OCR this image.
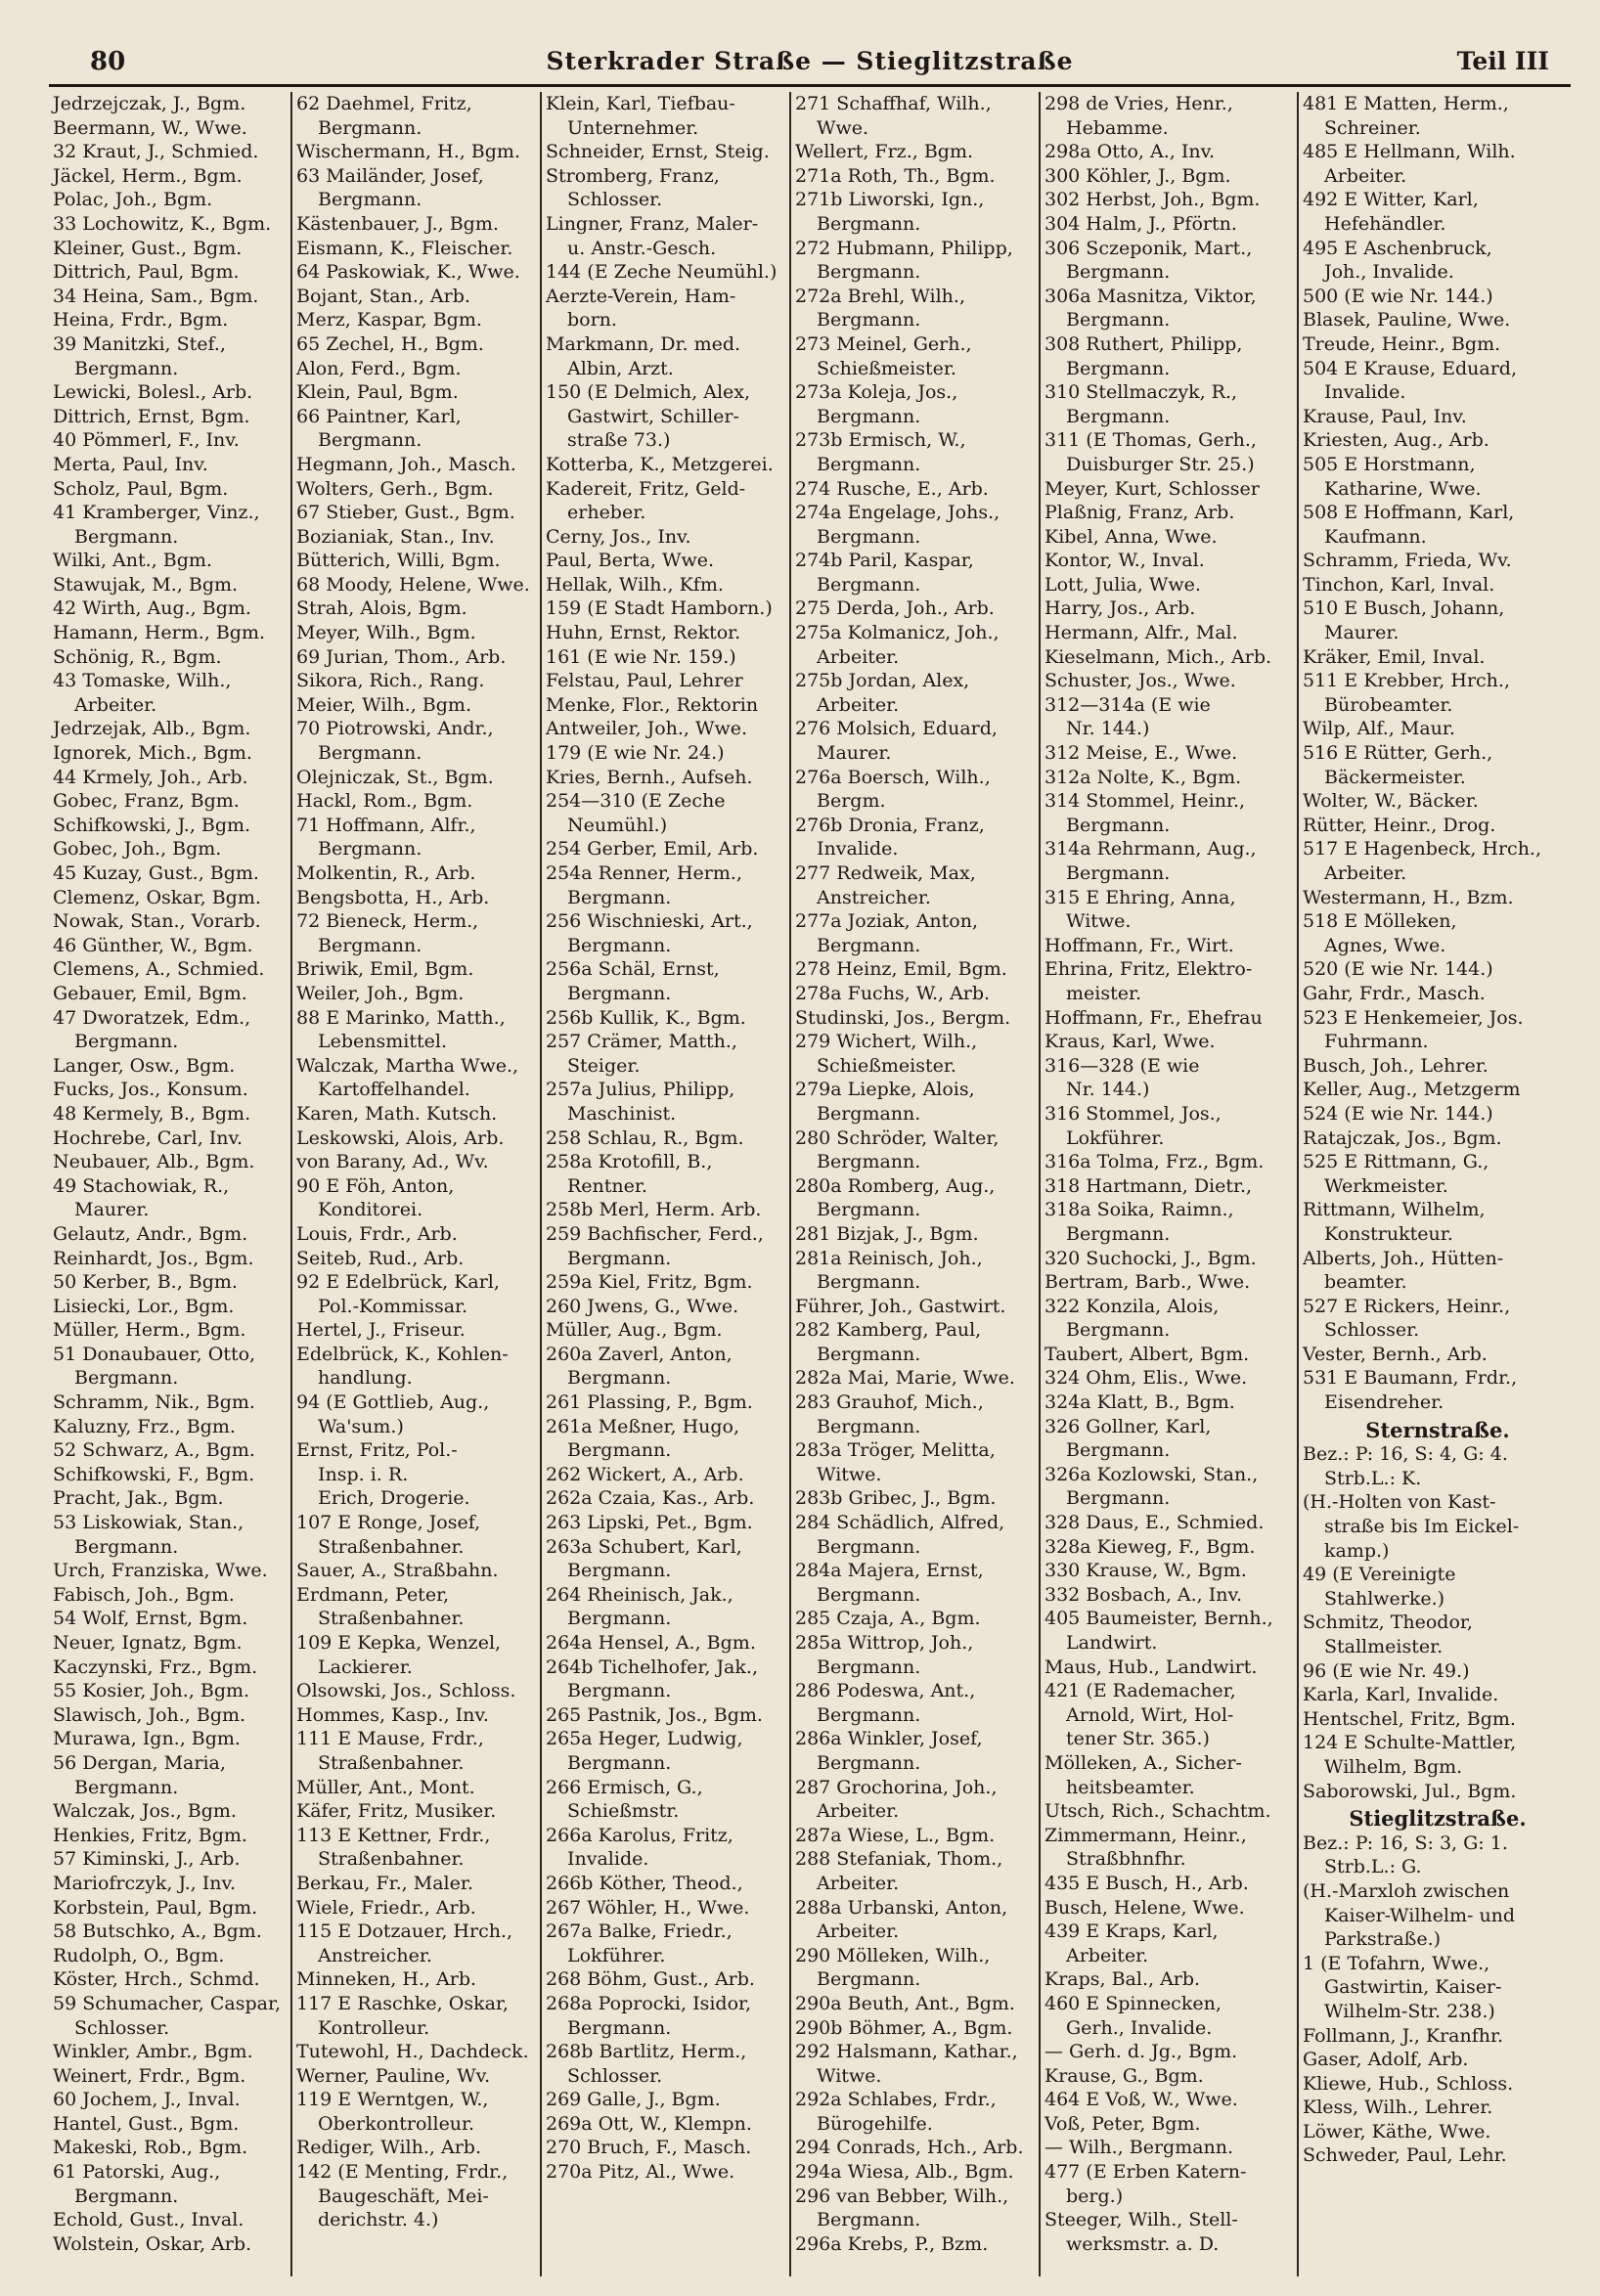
80	Sterkrader Straße — Stieglitzstraße	Teil III
Jedrzejczak, J., Bgm.
Beermann, W., Wwe.
32 Kraut, J., Schmied.
Jäckel, Herm., Bgm.
Polac, Joh., Bgm.
33 Lochowitz, K., Bgm.
Kleiner, Gust., Bgm.
Dittrich, Paul, Bgm.
34 Heina, Sam., Bgm.
Heina, Frdr., Bgm.
39 Manitzki, Stef.,
Bergmann.
Lewicki, Bolesl., Arb.
Dittrich, Ernst, Bgm.
40 Pömmerl, F., Inv.
Merta, Paul, Inv.
Scholz, Paul, Bgm.
41 Kramberger, Vinz.,
Bergmann.
Wilki, Ant., Bgm.
Stawujak, M., Bgm.
42 Wirth, Aug., Bgm.
Hamann, Herm., Bgm.
Schönig, R., Bgm.
43 Tomaske, Wilh.,
Arbeiter.
Jedrzejak, Alb., Bgm.
Ignorek, Mich., Bgm.
44 Krmely, Joh., Arb.
Gobec, Franz, Bgm.
Schifkowski, J., Bgm.
Gobec, Joh., Bgm.
45 Kuzay, Gust., Bgm.
Clemenz, Oskar, Bgm.
Nowak, Stan., Vorarb.
46 Günther, W., Bgm.
Clemens, A., Schmied.
Gebauer, Emil, Bgm.
47 Dworatzek, Edm.,
Bergmann.
Langer, Osw., Bgm.
Fucks, Jos., Konsum.
48 Kermely, B., Bgm.
Hochrebe, Carl, Inv.
Neubauer, Alb., Bgm.
49 Stachowiak, R.,
Maurer.
Gelautz, Andr., Bgm.
Reinhardt, Jos., Bgm.
50 Kerber, B., Bgm.
Lisiecki, Lor., Bgm.
Müller, Herm., Bgm.
51 Donaubauer, Otto,
Bergmann.
Schramm, Nik., Bgm.
Kaluzny, Frz., Bgm.
52 Schwarz, A., Bgm.
Schifkowski, F., Bgm.
Pracht, Jak., Bgm.
53 Liskowiak, Stan.,
Bergmann.
Urch, Franziska, Wwe.
Fabisch, Joh., Bgm.
54 Wolf, Ernst, Bgm.
Neuer, Ignatz, Bgm.
Kaczynski, Frz., Bgm.
55 Kosier, Joh., Bgm.
Slawisch, Joh., Bgm.
Murawa, Ign., Bgm.
56 Dergan, Maria,
Bergmann.
Walczak, Jos., Bgm.
Henkies, Fritz, Bgm.
57 Kiminski, J., Arb.
Mariofrczyk, J., Inv.
Korbstein, Paul, Bgm.
58 Butschko, A., Bgm.
Rudolph, O., Bgm.
Köster, Hrch., Schmd.
59 Schumacher, Caspar,
Schlosser.
Winkler, Ambr., Bgm.
Weinert, Frdr., Bgm.
60 Jochem, J., Inval.
Hantel, Gust., Bgm.
Makeski, Rob., Bgm.
61 Patorski, Aug.,
Bergmann.
Echold, Gust., Inval.
Wolstein, Oskar, Arb.
62 Daehmel, Fritz,
Bergmann.
Wischermann, H., Bgm.
63 Mailänder, Josef,
Bergmann.
Kästenbauer, J., Bgm.
Eismann, K., Fleischer.
64 Paskowiak, K., Wwe.
Bojant, Stan., Arb.
Merz, Kaspar, Bgm.
65 Zechel, H., Bgm.
Alon, Ferd., Bgm.
Klein, Paul, Bgm.
66 Paintner, Karl,
Bergmann.
Hegmann, Joh., Masch.
Wolters, Gerh., Bgm.
67 Stieber, Gust., Bgm.
Bozianiak, Stan., Inv.
Bütterich, Willi, Bgm.
68 Moody, Helene, Wwe.
Strah, Alois, Bgm.
Meyer, Wilh., Bgm.
69 Jurian, Thom., Arb.
Sikora, Rich., Rang.
Meier, Wilh., Bgm.
70 Piotrowski, Andr.,
Bergmann.
Olejniczak, St., Bgm.
Hackl, Rom., Bgm.
71 Hoffmann, Alfr.,
Bergmann.
Molkentin, R., Arb.
Bengsbotta, H., Arb.
72 Bieneck, Herm.,
Bergmann.
Briwik, Emil, Bgm.
Weiler, Joh., Bgm.
88 E Marinko, Matth.,
Lebensmittel.
Walczak, Martha Wwe.,
Kartoffelhandel.
Karen, Math. Kutsch.
Leskowski, Alois, Arb.
von Barany, Ad., Wv.
90 E Föh, Anton,
Konditorei.
Louis, Frdr., Arb.
Seiteb, Rud., Arb.
92 E Edelbrück, Karl,
Pol.-Kommissar.
Hertel, J., Friseur.
Edelbrück, K., Kohlen-
handlung.
94 (E Gottlieb, Aug.,
Wa'sum.)
Ernst, Fritz, Pol.-
Insp. i. R.
Erich, Drogerie.
107 E Ronge, Josef,
Straßenbahner.
Sauer, A., Straßbahn.
Erdmann, Peter,
Straßenbahner.
109 E Kepka, Wenzel,
Lackierer.
Olsowski, Jos., Schloss.
Hommes, Kasp., Inv.
111 E Mause, Frdr.,
Straßenbahner.
Müller, Ant., Mont.
Käfer, Fritz, Musiker.
113 E Kettner, Frdr.,
Straßenbahner.
Berkau, Fr., Maler.
Wiele, Friedr., Arb.
115 E Dotzauer, Hrch.,
Anstreicher.
Minneken, H., Arb.
117 E Raschke, Oskar,
Kontrolleur.
Tutewohl, H., Dachdeck.
Werner, Pauline, Wv.
119 E Werntgen, W.,
Oberkontrolleur.
Rediger, Wilh., Arb.
142 (E Menting, Frdr.,
Baugeschäft, Mei-
derichstr. 4.)
Klein, Karl, Tiefbau-
Unternehmer.
Schneider, Ernst, Steig.
Stromberg, Franz,
Schlosser.
Lingner, Franz, Maler-
u. Anstr.-Gesch.
144 (E Zeche Neumühl.)
Aerzte-Verein, Ham-
born.
Markmann, Dr. med.
Albin, Arzt.
150 (E Delmich, Alex,
Gastwirt, Schiller-
straße 73.)
Kotterba, K., Metzgerei.
Kadereit, Fritz, Geld-
erheber.
Cerny, Jos., Inv.
Paul, Berta, Wwe.
Hellak, Wilh., Kfm.
159 (E Stadt Hamborn.)
Huhn, Ernst, Rektor.
161 (E wie Nr. 159.)
Felstau, Paul, Lehrer
Menke, Flor., Rektorin
Antweiler, Joh., Wwe.
179 (E wie Nr. 24.)
Kries, Bernh., Aufseh.
254—310 (E Zeche
Neumühl.)
254 Gerber, Emil, Arb.
254a Renner, Herm.,
Bergmann.
256 Wischnieski, Art.,
Bergmann.
256a Schäl, Ernst,
Bergmann.
256b Kullik, K., Bgm.
257 Crämer, Matth.,
Steiger.
257a Julius, Philipp,
Maschinist.
258 Schlau, R., Bgm.
258a Krotofill, B.,
Rentner.
258b Merl, Herm. Arb.
259 Bachfischer, Ferd.,
Bergmann.
259a Kiel, Fritz, Bgm.
260 Jwens, G., Wwe.
Müller, Aug., Bgm.
260a Zaverl, Anton,
Bergmann.
261 Plassing, P., Bgm.
261a Meßner, Hugo,
Bergmann.
262 Wickert, A., Arb.
262a Czaia, Kas., Arb.
263 Lipski, Pet., Bgm.
263a Schubert, Karl,
Bergmann.
264 Rheinisch, Jak.,
Bergmann.
264a Hensel, A., Bgm.
264b Tichelhofer, Jak.,
Bergmann.
265 Pastnik, Jos., Bgm.
265a Heger, Ludwig,
Bergmann.
266 Ermisch, G.,
Schießmstr.
266a Karolus, Fritz,
Invalide.
266b Köther, Theod.,
267 Wöhler, H., Wwe.
267a Balke, Friedr.,
Lokführer.
268 Böhm, Gust., Arb.
268a Poprocki, Isidor,
Bergmann.
268b Bartlitz, Herm.,
Schlosser.
269 Galle, J., Bgm.
269a Ott, W., Klempn.
270 Bruch, F., Masch.
270a Pitz, Al., Wwe.
271 Schaffhaf, Wilh.,
Wwe.
Wellert, Frz., Bgm.
271a Roth, Th., Bgm.
271b Liworski, Ign.,
Bergmann.
272 Hubmann, Philipp,
Bergmann.
272a Brehl, Wilh.,
Bergmann.
273 Meinel, Gerh.,
Schießmeister.
273a Koleja, Jos.,
Bergmann.
273b Ermisch, W.,
Bergmann.
274 Rusche, E., Arb.
274a Engelage, Johs.,
Bergmann.
274b Paril, Kaspar,
Bergmann.
275 Derda, Joh., Arb.
275a Kolmanicz, Joh.,
Arbeiter.
275b Jordan, Alex,
Arbeiter.
276 Molsich, Eduard,
Maurer.
276a Boersch, Wilh.,
Bergm.
276b Dronia, Franz,
Invalide.
277 Redweik, Max,
Anstreicher.
277a Joziak, Anton,
Bergmann.
278 Heinz, Emil, Bgm.
278a Fuchs, W., Arb.
Studinski, Jos., Bergm.
279 Wichert, Wilh.,
Schießmeister.
279a Liepke, Alois,
Bergmann.
280 Schröder, Walter,
Bergmann.
280a Romberg, Aug.,
Bergmann.
281 Bizjak, J., Bgm.
281a Reinisch, Joh.,
Bergmann.
Führer, Joh., Gastwirt.
282 Kamberg, Paul,
Bergmann.
282a Mai, Marie, Wwe.
283 Grauhof, Mich.,
Bergmann.
283a Tröger, Melitta,
Witwe.
283b Gribec, J., Bgm.
284 Schädlich, Alfred,
Bergmann.
284a Majera, Ernst,
Bergmann.
285 Czaja, A., Bgm.
285a Wittrop, Joh.,
Bergmann.
286 Podeswa, Ant.,
Bergmann.
286a Winkler, Josef,
Bergmann.
287 Grochorina, Joh.,
Arbeiter.
287a Wiese, L., Bgm.
288 Stefaniak, Thom.,
Arbeiter.
288a Urbanski, Anton,
Arbeiter.
290 Mölleken, Wilh.,
Bergmann.
290a Beuth, Ant., Bgm.
290b Böhmer, A., Bgm.
292 Halsmann, Kathar.,
Witwe.
292a Schlabes, Frdr.,
Bürogehilfe.
294 Conrads, Hch., Arb.
294a Wiesa, Alb., Bgm.
296 van Bebber, Wilh.,
Bergmann.
296a Krebs, P., Bzm.
298 de Vries, Henr.,
Hebamme.
298a Otto, A., Inv.
300 Köhler, J., Bgm.
302 Herbst, Joh., Bgm.
304 Halm, J., Pförtn.
306 Sczeponik, Mart.,
Bergmann.
306a Masnitza, Viktor,
Bergmann.
308 Ruthert, Philipp,
Bergmann.
310 Stellmaczyk, R.,
Bergmann.
311 (E Thomas, Gerh.,
Duisburger Str. 25.)
Meyer, Kurt, Schlosser
Plaßnig, Franz, Arb.
Kibel, Anna, Wwe.
Kontor, W., Inval.
Lott, Julia, Wwe.
Harry, Jos., Arb.
Hermann, Alfr., Mal.
Kieselmann, Mich., Arb.
Schuster, Jos., Wwe.
312—314a (E wie
Nr. 144.)
312 Meise, E., Wwe.
312a Nolte, K., Bgm.
314 Stommel, Heinr.,
Bergmann.
314a Rehrmann, Aug.,
Bergmann.
315 E Ehring, Anna,
Witwe.
Hoffmann, Fr., Wirt.
Ehrina, Fritz, Elektro-
meister.
Hoffmann, Fr., Ehefrau
Kraus, Karl, Wwe.
316—328 (E wie
Nr. 144.)
316 Stommel, Jos.,
Lokführer.
316a Tolma, Frz., Bgm.
318 Hartmann, Dietr.,
318a Soika, Raimn.,
Bergmann.
320 Suchocki, J., Bgm.
Bertram, Barb., Wwe.
322 Konzila, Alois,
Bergmann.
Taubert, Albert, Bgm.
324 Ohm, Elis., Wwe.
324a Klatt, B., Bgm.
326 Gollner, Karl,
Bergmann.
326a Kozlowski, Stan.,
Bergmann.
328 Daus, E., Schmied.
328a Kieweg, F., Bgm.
330 Krause, W., Bgm.
332 Bosbach, A., Inv.
405 Baumeister, Bernh.,
Landwirt.
Maus, Hub., Landwirt.
421 (E Rademacher,
Arnold, Wirt, Hol-
tener Str. 365.)
Mölleken, A., Sicher-
heitsbeamter.
Utsch, Rich., Schachtm.
Zimmermann, Heinr.,
Straßbhnfhr.
435 E Busch, H., Arb.
Busch, Helene, Wwe.
439 E Kraps, Karl,
Arbeiter.
Kraps, Bal., Arb.
460 E Spinnecken,
Gerh., Invalide.
— Gerh. d. Jg., Bgm.
Krause, G., Bgm.
464 E Voß, W., Wwe.
Voß, Peter, Bgm.
— Wilh., Bergmann.
477 (E Erben Katern-
berg.)
Steeger, Wilh., Stell-
werksmstr. a. D.
481 E Matten, Herm.,
Schreiner.
485 E Hellmann, Wilh.
Arbeiter.
492 E Witter, Karl,
Hefehändler.
495 E Aschenbruck,
Joh., Invalide.
500 (E wie Nr. 144.)
Blasek, Pauline, Wwe.
Treude, Heinr., Bgm.
504 E Krause, Eduard,
Invalide.
Krause, Paul, Inv.
Kriesten, Aug., Arb.
505 E Horstmann,
Katharine, Wwe.
508 E Hoffmann, Karl,
Kaufmann.
Schramm, Frieda, Wv.
Tinchon, Karl, Inval.
510 E Busch, Johann,
Maurer.
Kräker, Emil, Inval.
511 E Krebber, Hrch.,
Bürobeamter.
Wilp, Alf., Maur.
516 E Rütter, Gerh.,
Bäckermeister.
Wolter, W., Bäcker.
Rütter, Heinr., Drog.
517 E Hagenbeck, Hrch.,
Arbeiter.
Westermann, H., Bzm.
518 E Mölleken,
Agnes, Wwe.
520 (E wie Nr. 144.)
Gahr, Frdr., Masch.
523 E Henkemeier, Jos.
Fuhrmann.
Busch, Joh., Lehrer.
Keller, Aug., Metzgerm
524 (E wie Nr. 144.)
Ratajczak, Jos., Bgm.
525 E Rittmann, G.,
Werkmeister.
Rittmann, Wilhelm,
Konstrukteur.
Alberts, Joh., Hütten-
beamter.
527 E Rickers, Heinr.,
Schlosser.
Vester, Bernh., Arb.
531 E Baumann, Frdr.,
Eisendreher.
Sternstraße.
Bez.: P: 16, S: 4, G: 4.
Strb.L.: K.
(H.-Holten von Kast-
straße bis Im Eickel-
kamp.)
49 (E Vereinigte
Stahlwerke.)
Schmitz, Theodor,
Stallmeister.
96 (E wie Nr. 49.)
Karla, Karl, Invalide.
Hentschel, Fritz, Bgm.
124 E Schulte-Mattler,
Wilhelm, Bgm.
Saborowski, Jul., Bgm.
Stieglitzstraße.
Bez.: P: 16, S: 3, G: 1.
Strb.L.: G.
(H.-Marxloh zwischen
Kaiser-Wilhelm- und
Parkstraße.)
1 (E Tofahrn, Wwe.,
Gastwirtin, Kaiser-
Wilhelm-Str. 238.)
Follmann, J., Kranfhr.
Gaser, Adolf, Arb.
Kliewe, Hub., Schloss.
Kless, Wilh., Lehrer.
Löwer, Käthe, Wwe.
Schweder, Paul, Lehr.
